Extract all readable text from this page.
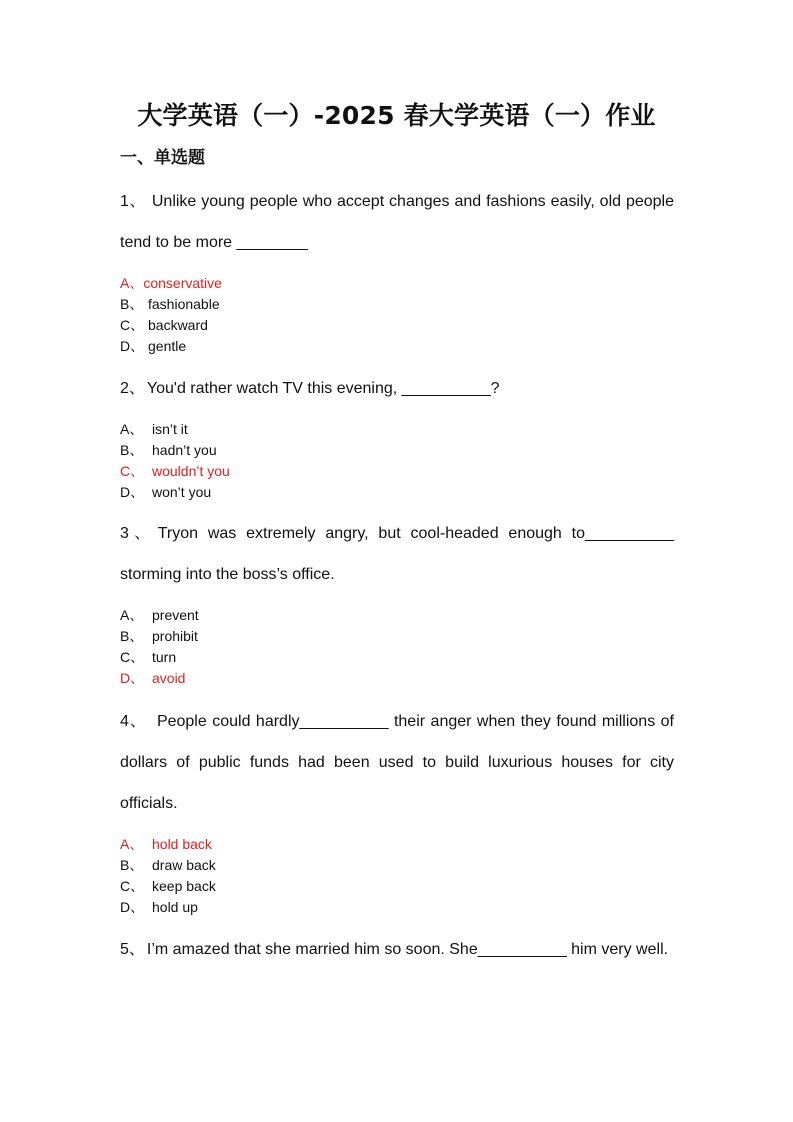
大学英语（一）-2025 春大学英语（一）作业
一、单选题

1、 Unlike young people who accept changes and fashions easily, old people tend to be more ________

A、conservative
B、 fashionable
C、 backward
D、 gentle

2、 You'd rather watch TV this evening, __________?

A、 isn’t it
B、 hadn’t you
C、 wouldn’t you
D、 won’t you

3、 Tryon was extremely angry, but cool-headed enough to__________ storming into the boss’s office.

A、 prevent
B、 prohibit
C、 turn
D、 avoid

4、 People could hardly__________ their anger when they found millions of dollars of public funds had been used to build luxurious houses for city officials.

A、 hold back
B、 draw back
C、 keep back
D、 hold up

5、 I’m amazed that she married him so soon. She__________ him very well.
